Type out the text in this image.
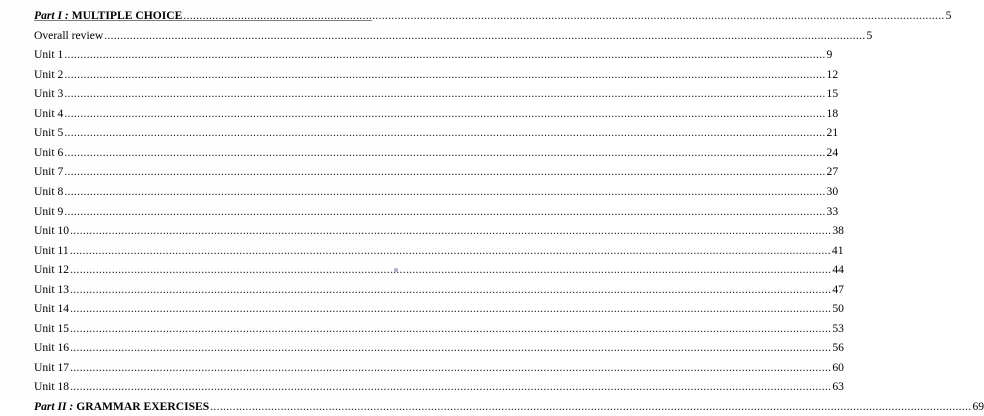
Part I : MULTIPLE CHOICE .....	5
Overall review .....	5
Unit 1 .....	9
Unit 2 .....	12
Unit 3 .....	15
Unit 4 .....	18
Unit 5 .....	21
Unit 6 .....	24
Unit 7 .....	27
Unit 8 .....	30
Unit 9 .....	33
Unit 10 .....	38
Unit 11 .....	41
Unit 12 .....	44
Unit 13 .....	47
Unit 14 .....	50
Unit 15 .....	53
Unit 16 .....	56
Unit 17 .....	60
Unit 18 .....	63
Part II : GRAMMAR EXERCISES .....	69
